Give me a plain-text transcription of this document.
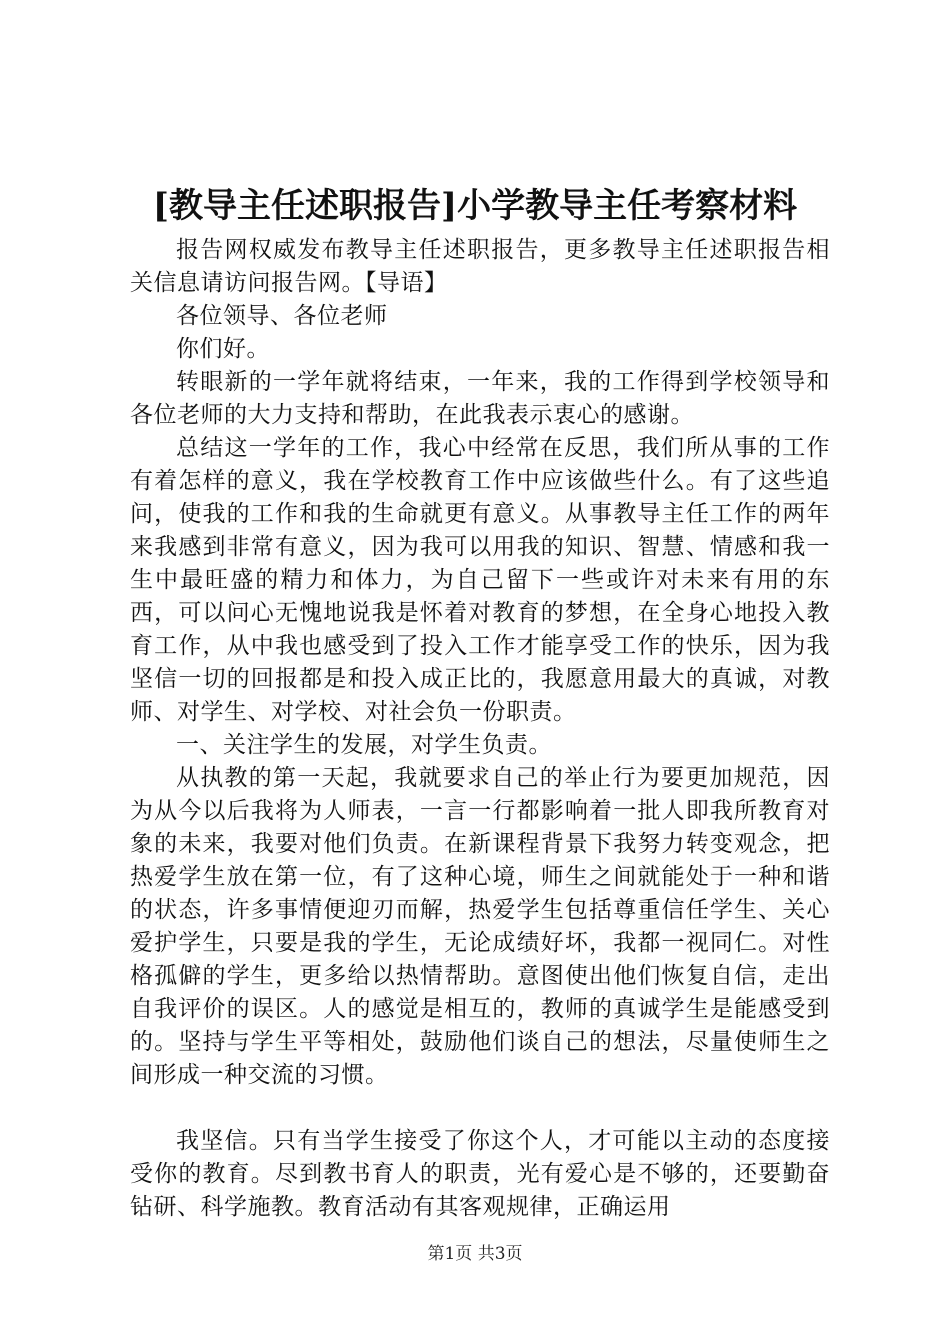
[教导主任述职报告]小学教导主任考察材料

报告网权威发布教导主任述职报告，更多教导主任述职报告相关信息请访问报告网。【导语】

各位领导、各位老师

你们好。

转眼新的一学年就将结束，一年来，我的工作得到学校领导和各位老师的大力支持和帮助，在此我表示衷心的感谢。

总结这一学年的工作，我心中经常在反思，我们所从事的工作有着怎样的意义，我在学校教育工作中应该做些什么。有了这些追问，使我的工作和我的生命就更有意义。从事教导主任工作的两年来我感到非常有意义，因为我可以用我的知识、智慧、情感和我一生中最旺盛的精力和体力，为自己留下一些或许对未来有用的东西，可以问心无愧地说我是怀着对教育的梦想，在全身心地投入教育工作，从中我也感受到了投入工作才能享受工作的快乐，因为我坚信一切的回报都是和投入成正比的，我愿意用最大的真诚，对教师、对学生、对学校、对社会负一份职责。

一、关注学生的发展，对学生负责。

从执教的第一天起，我就要求自己的举止行为要更加规范，因为从今以后我将为人师表，一言一行都影响着一批人即我所教育对象的未来，我要对他们负责。在新课程背景下我努力转变观念，把热爱学生放在第一位，有了这种心境，师生之间就能处于一种和谐的状态，许多事情便迎刃而解，热爱学生包括尊重信任学生、关心爱护学生，只要是我的学生，无论成绩好坏，我都一视同仁。对性格孤僻的学生，更多给以热情帮助。意图使出他们恢复自信，走出自我评价的误区。人的感觉是相互的，教师的真诚学生是能感受到的。坚持与学生平等相处，鼓励他们谈自己的想法，尽量使师生之间形成一种交流的习惯。

我坚信。只有当学生接受了你这个人，才可能以主动的态度接受你的教育。尽到教书育人的职责，光有爱心是不够的，还要勤奋钻研、科学施教。教育活动有其客观规律，正确运用

第1页 共3页
